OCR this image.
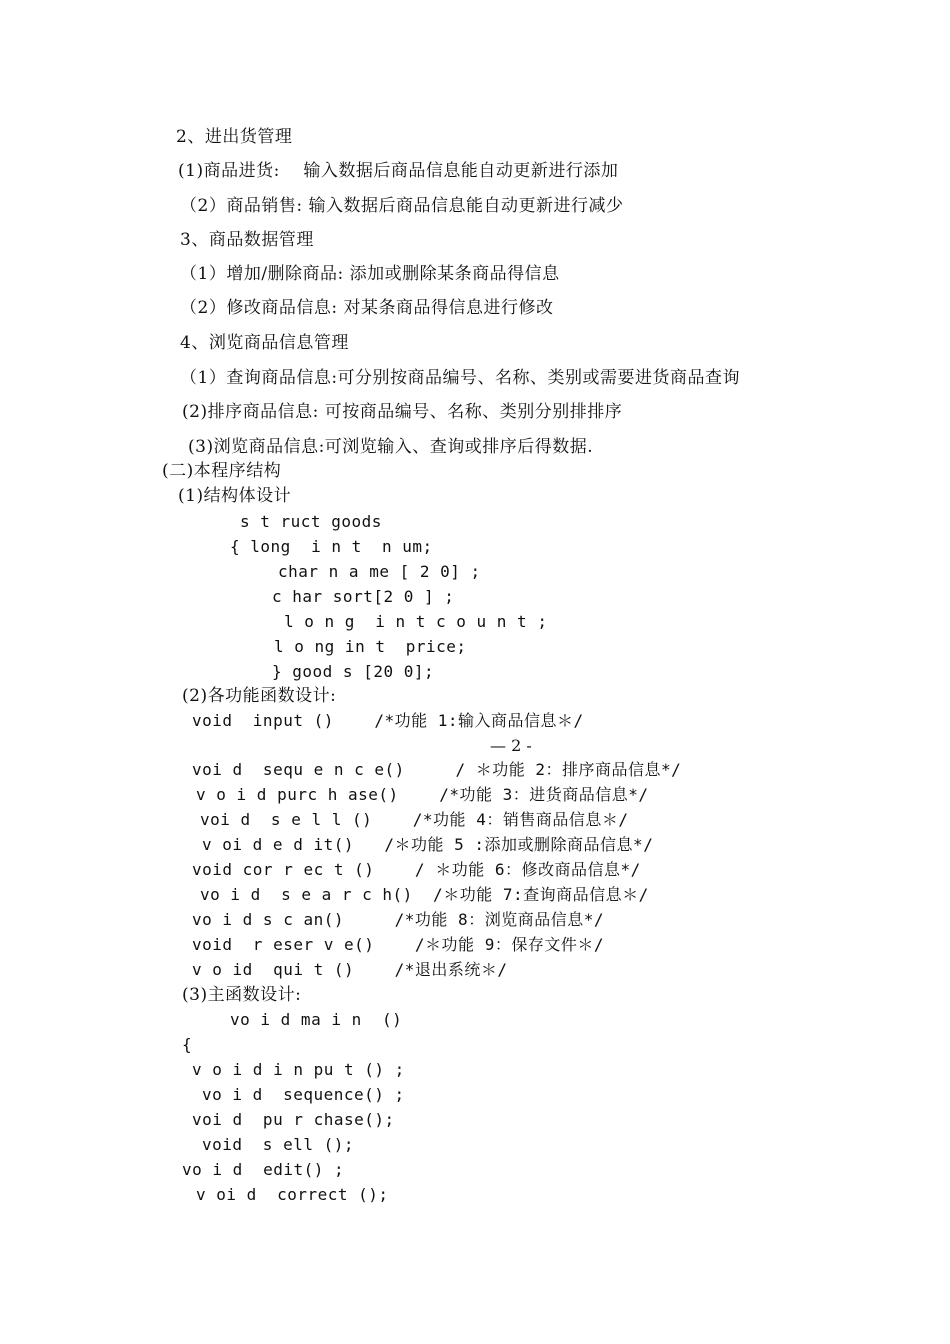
2、进出货管理
(1)商品进货:    输入数据后商品信息能自动更新进行添加
（2）商品销售: 输入数据后商品信息能自动更新进行减少
3、商品数据管理
（1）增加/删除商品: 添加或删除某条商品得信息
（2）修改商品信息: 对某条商品得信息进行修改
4、浏览商品信息管理
（1）查询商品信息:可分别按商品编号、名称、类别或需要进货商品查询
(2)排序商品信息: 可按商品编号、名称、类别分别排排序
(3)浏览商品信息:可浏览输入、查询或排序后得数据.
(二)本程序结构
(1)结构体设计
s t ruct goods
{ long  i n t  n um;
char n a me [ 2 0] ;
c har sort[2 0 ] ;
l o n g  i n t c o u n t ;
l o ng in t  price;
} good s [20 0];
(2)各功能函数设计:
void  input ()    /*功能 1:输入商品信息＊/
— 2 -
voi d  sequ e n c e()     / ＊功能 2：排序商品信息*/
v o i d purc h ase()    /*功能 3：进货商品信息*/
voi d  s e l l ()    /*功能 4：销售商品信息＊/
v oi d e d it()   /＊功能 5 :添加或删除商品信息*/
void cor r ec t ()    / ＊功能 6：修改商品信息*/
vo i d  s e a r c h()  /＊功能 7:查询商品信息＊/
vo i d s c an()     /*功能 8：浏览商品信息*/
void  r eser v e()    /＊功能 9：保存文件＊/
v o id  qui t ()    /*退出系统＊/
(3)主函数设计:
vo i d ma i n  ()
{
v o i d i n pu t () ;
vo i d  sequence() ;
voi d  pu r chase();
void  s ell ();
vo i d  edit() ;
v oi d  correct ();
